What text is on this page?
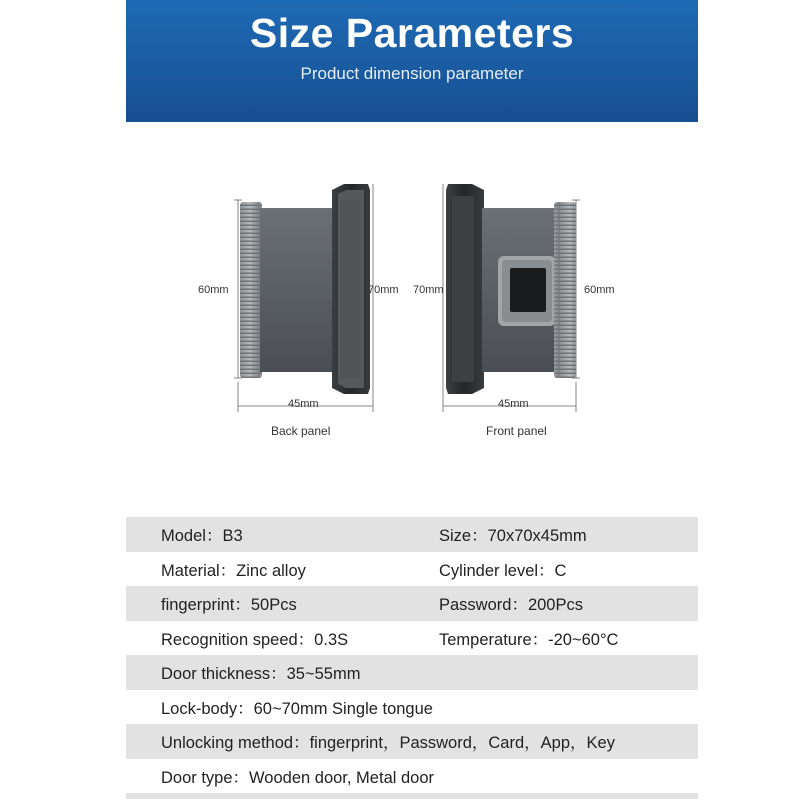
Size Parameters
Product dimension parameter
60mm	70mm
45mm
Back panel
70mm	60mm
45mm
Front panel
Model：B3	Size：70x70x45mm
Material：Zinc alloy	Cylinder level：C
fingerprint：50Pcs	Password：200Pcs
Recognition speed：0.3S	Temperature：-20~60°C
Door thickness：35~55mm
Lock-body：60~70mm Single tongue
Unlocking method：fingerprint，Password，Card，App，Key
Door type：Wooden door, Metal door
